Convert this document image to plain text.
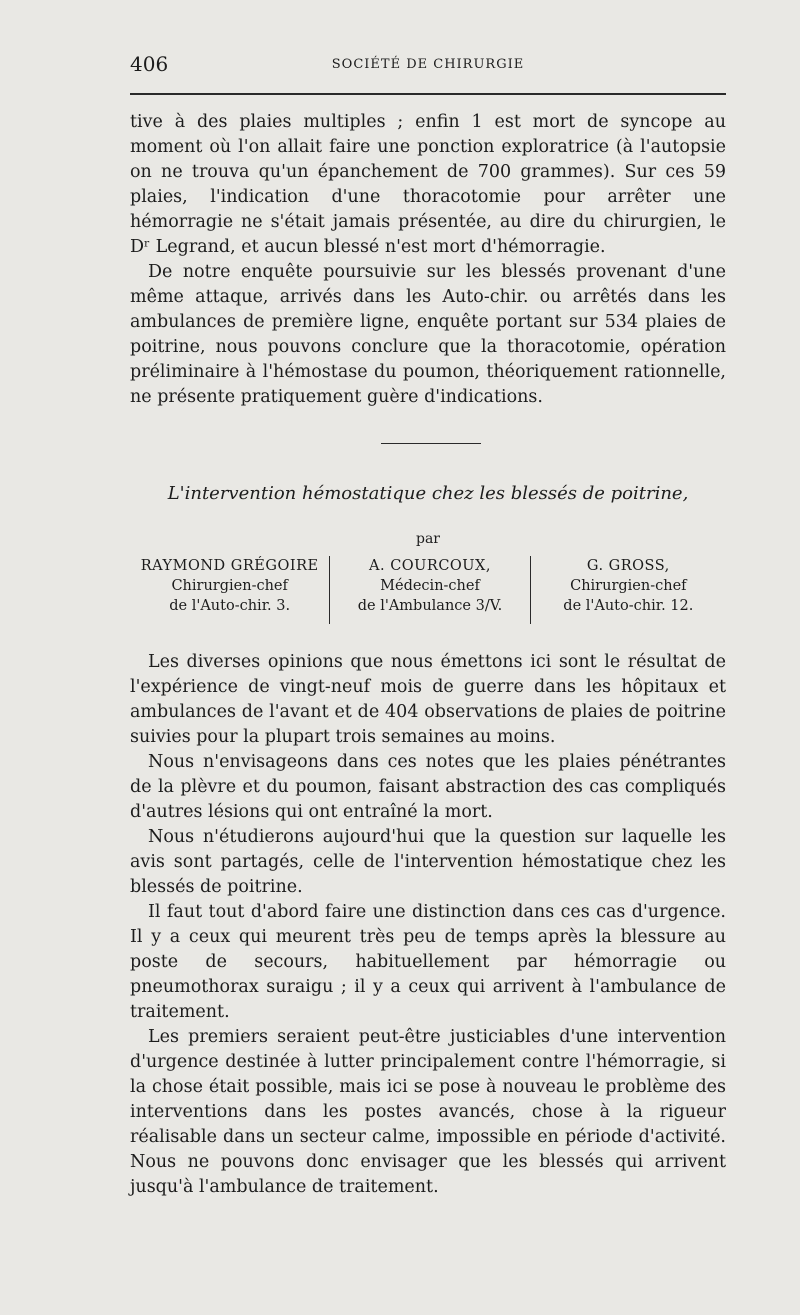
406	SOCIÉTÉ DE CHIRURGIE

tive à des plaies multiples ; enfin 1 est mort de syncope au moment où l'on allait faire une ponction exploratrice (à l'autopsie on ne trouva qu'un épanchement de 700 grammes). Sur ces 59 plaies, l'indication d'une thoracotomie pour arrêter une hémorragie ne s'était jamais présentée, au dire du chirurgien, le Dʳ Legrand, et aucun blessé n'est mort d'hémorragie.

De notre enquête poursuivie sur les blessés provenant d'une même attaque, arrivés dans les Auto-chir. ou arrêtés dans les ambulances de première ligne, enquête portant sur 534 plaies de poitrine, nous pouvons conclure que la thoracotomie, opération préliminaire à l'hémostase du poumon, théoriquement rationnelle, ne présente pratiquement guère d'indications.

L'intervention hémostatique chez les blessés de poitrine,
par
RAYMOND GRÉGOIRE
Chirurgien-chef
de l'Auto-chir. 3.
A. COURCOUX,
Médecin-chef
de l'Ambulance 3/V.
G. GROSS,
Chirurgien-chef
de l'Auto-chir. 12.

Les diverses opinions que nous émettons ici sont le résultat de l'expérience de vingt-neuf mois de guerre dans les hôpitaux et ambulances de l'avant et de 404 observations de plaies de poitrine suivies pour la plupart trois semaines au moins.

Nous n'envisageons dans ces notes que les plaies pénétrantes de la plèvre et du poumon, faisant abstraction des cas compliqués d'autres lésions qui ont entraîné la mort.

Nous n'étudierons aujourd'hui que la question sur laquelle les avis sont partagés, celle de l'intervention hémostatique chez les blessés de poitrine.

Il faut tout d'abord faire une distinction dans ces cas d'urgence. Il y a ceux qui meurent très peu de temps après la blessure au poste de secours, habituellement par hémorragie ou pneumothorax suraigu ; il y a ceux qui arrivent à l'ambulance de traitement.

Les premiers seraient peut-être justiciables d'une intervention d'urgence destinée à lutter principalement contre l'hémorragie, si la chose était possible, mais ici se pose à nouveau le problème des interventions dans les postes avancés, chose à la rigueur réalisable dans un secteur calme, impossible en période d'activité. Nous ne pouvons donc envisager que les blessés qui arrivent jusqu'à l'ambulance de traitement.
